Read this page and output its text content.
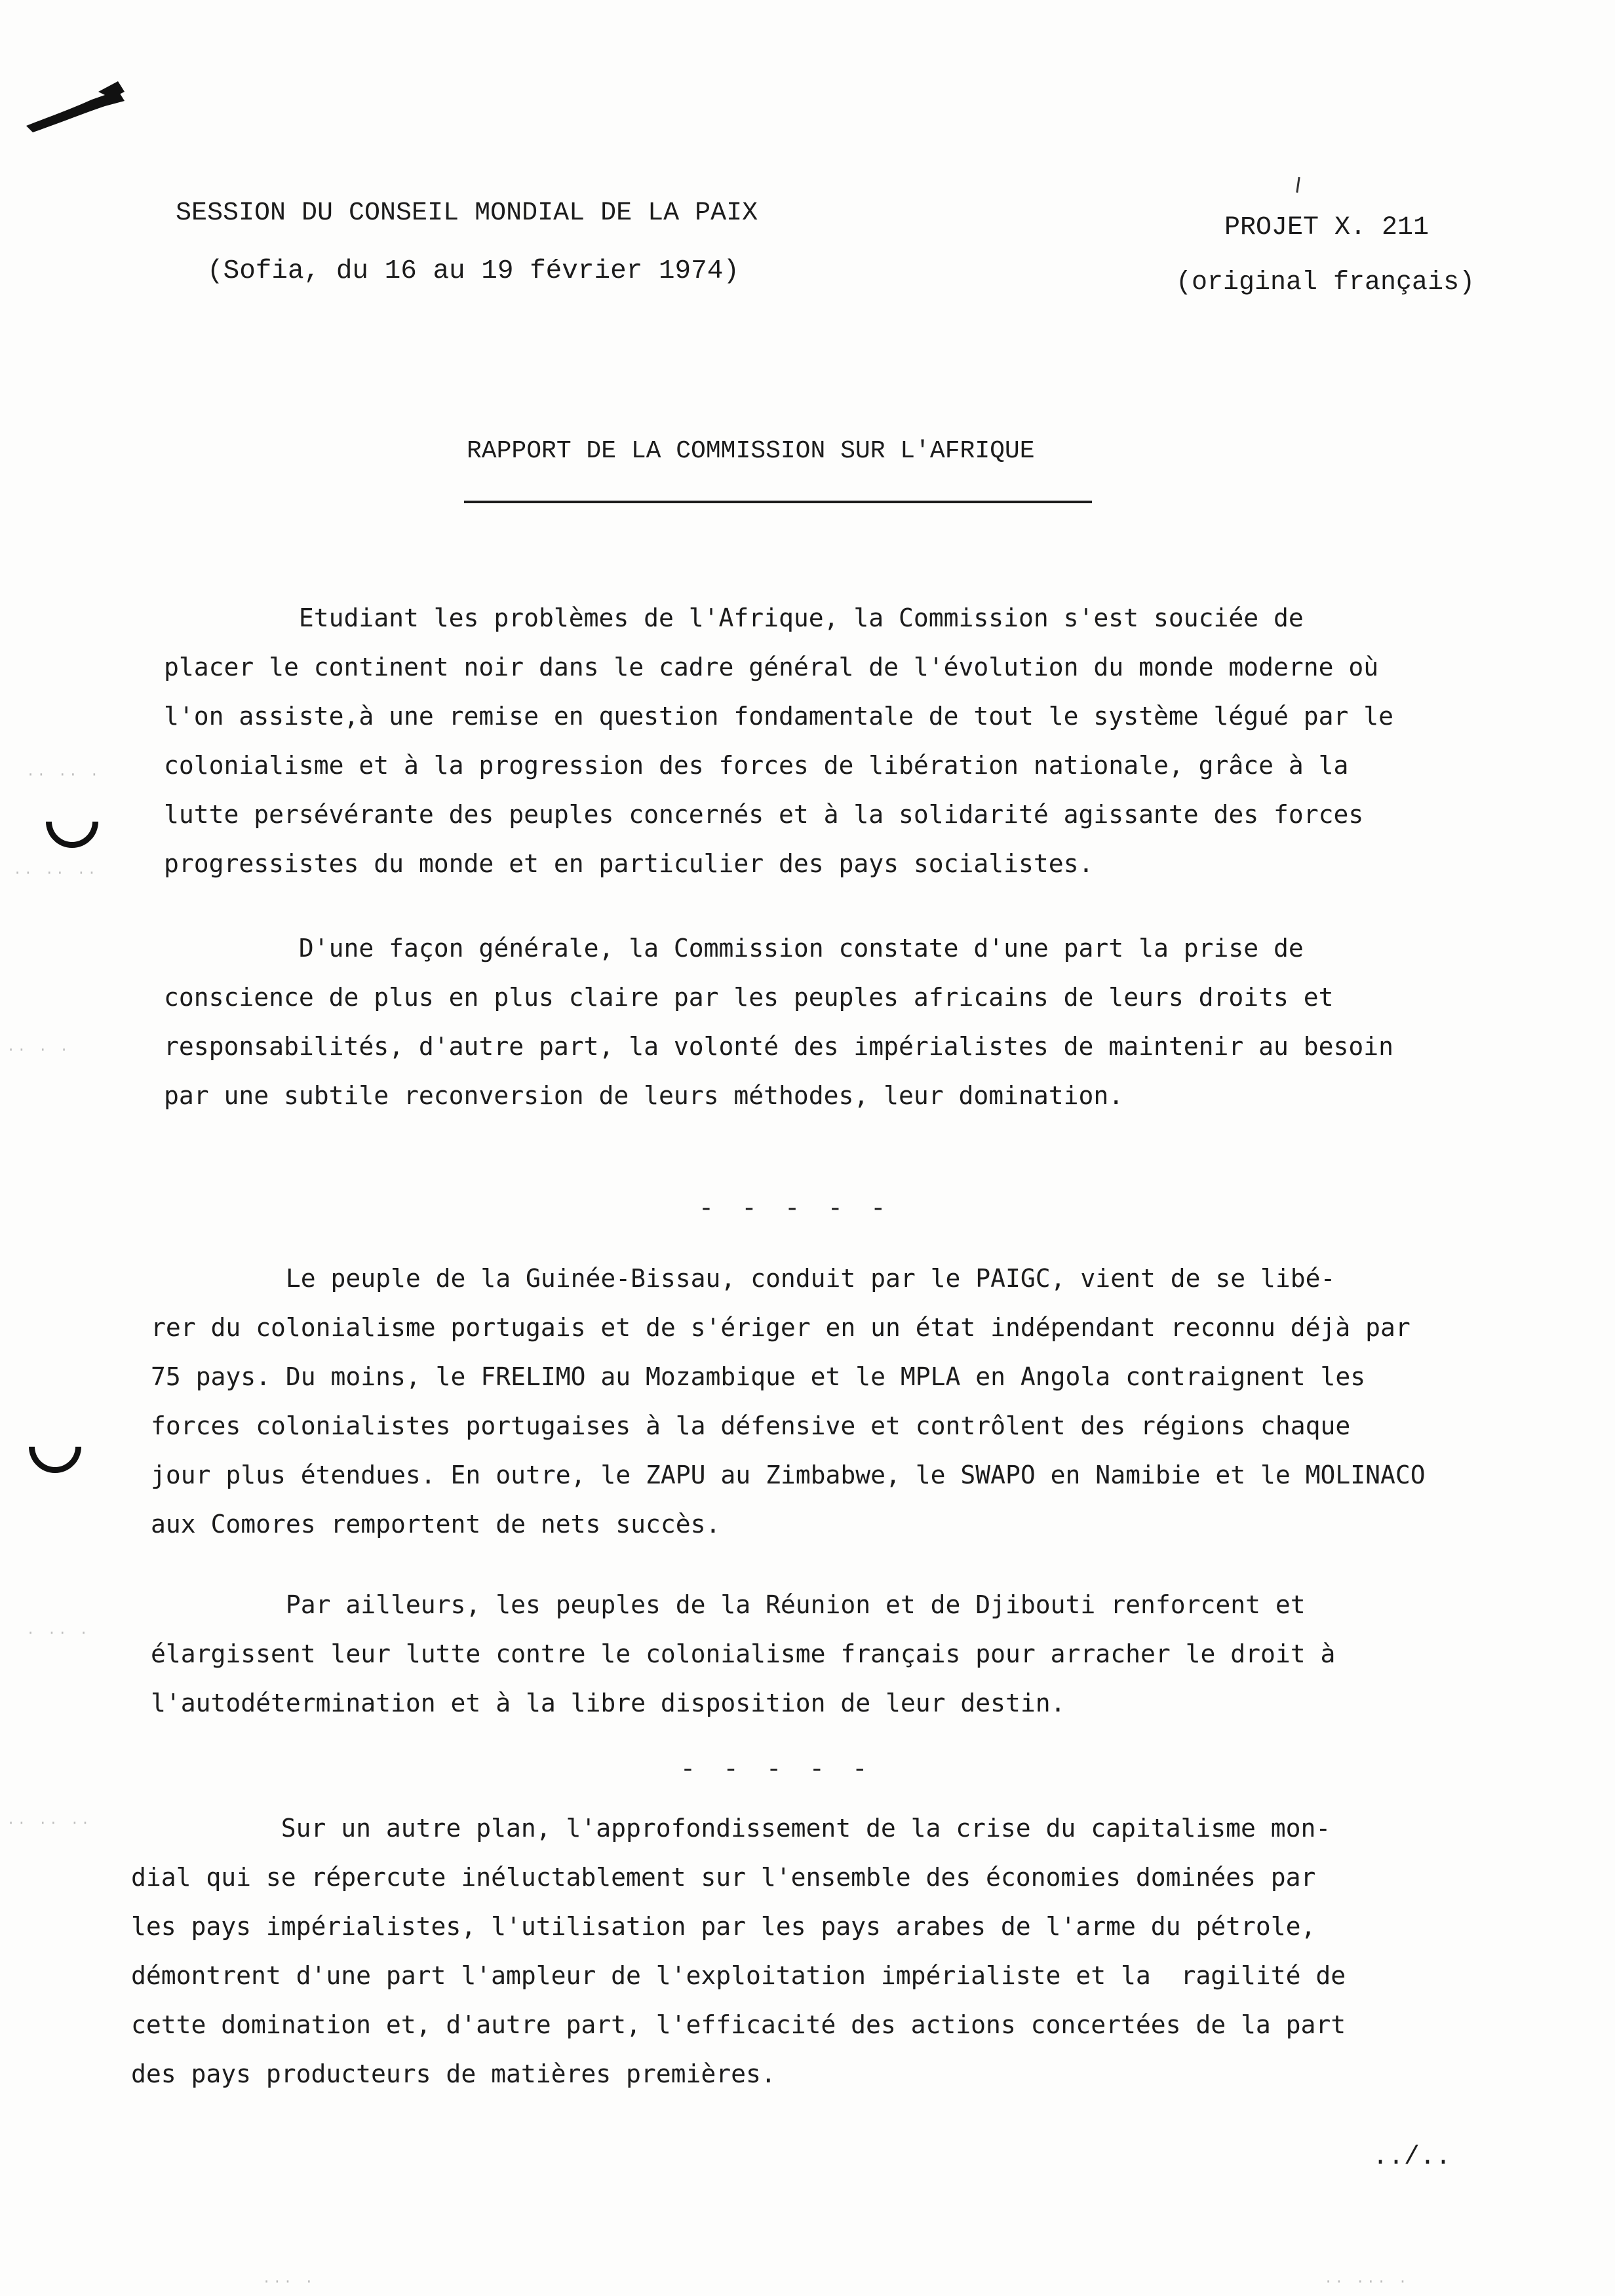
SESSION DU CONSEIL MONDIAL DE LA PAIX
(Sofia, du 16 au 19 février 1974)
PROJET X. 211
(original français)
RAPPORT DE LA COMMISSION SUR L'AFRIQUE
Etudiant les problèmes de l'Afrique, la Commission s'est souciée de
placer le continent noir dans le cadre général de l'évolution du monde moderne où
l'on assiste,à une remise en question fondamentale de tout le système légué par le
colonialisme et à la progression des forces de libération nationale, grâce à la
lutte persévérante des peuples concernés et à la solidarité agissante des forces
progressistes du monde et en particulier des pays socialistes.
D'une façon générale, la Commission constate d'une part la prise de
conscience de plus en plus claire par les peuples africains de leurs droits et
responsabilités, d'autre part, la volonté des impérialistes de maintenir au besoin
par une subtile reconversion de leurs méthodes, leur domination.
- - - - -
Le peuple de la Guinée-Bissau, conduit par le PAIGC, vient de se libé-
rer du colonialisme portugais et de s'ériger en un état indépendant reconnu déjà par
75 pays. Du moins, le FRELIMO au Mozambique et le MPLA en Angola contraignent les
forces colonialistes portugaises à la défensive et contrôlent des régions chaque
jour plus étendues. En outre, le ZAPU au Zimbabwe, le SWAPO en Namibie et le MOLINACO
aux Comores remportent de nets succès.
Par ailleurs, les peuples de la Réunion et de Djibouti renforcent et
élargissent leur lutte contre le colonialisme français pour arracher le droit à
l'autodétermination et à la libre disposition de leur destin.
- - - - -
Sur un autre plan, l'approfondissement de la crise du capitalisme mon-
dial qui se répercute inéluctablement sur l'ensemble des économies dominées par
les pays impérialistes, l'utilisation par les pays arabes de l'arme du pétrole,
démontrent d'une part l'ampleur de l'exploitation impérialiste et la  ragilité de
cette domination et, d'autre part, l'efficacité des actions concertées de la part
des pays producteurs de matières premières.
../..
·· ·· ·
·· ·· ··
·· · ·
· ·· ·
·· ·· ··
··· ·	·· ··· ·
